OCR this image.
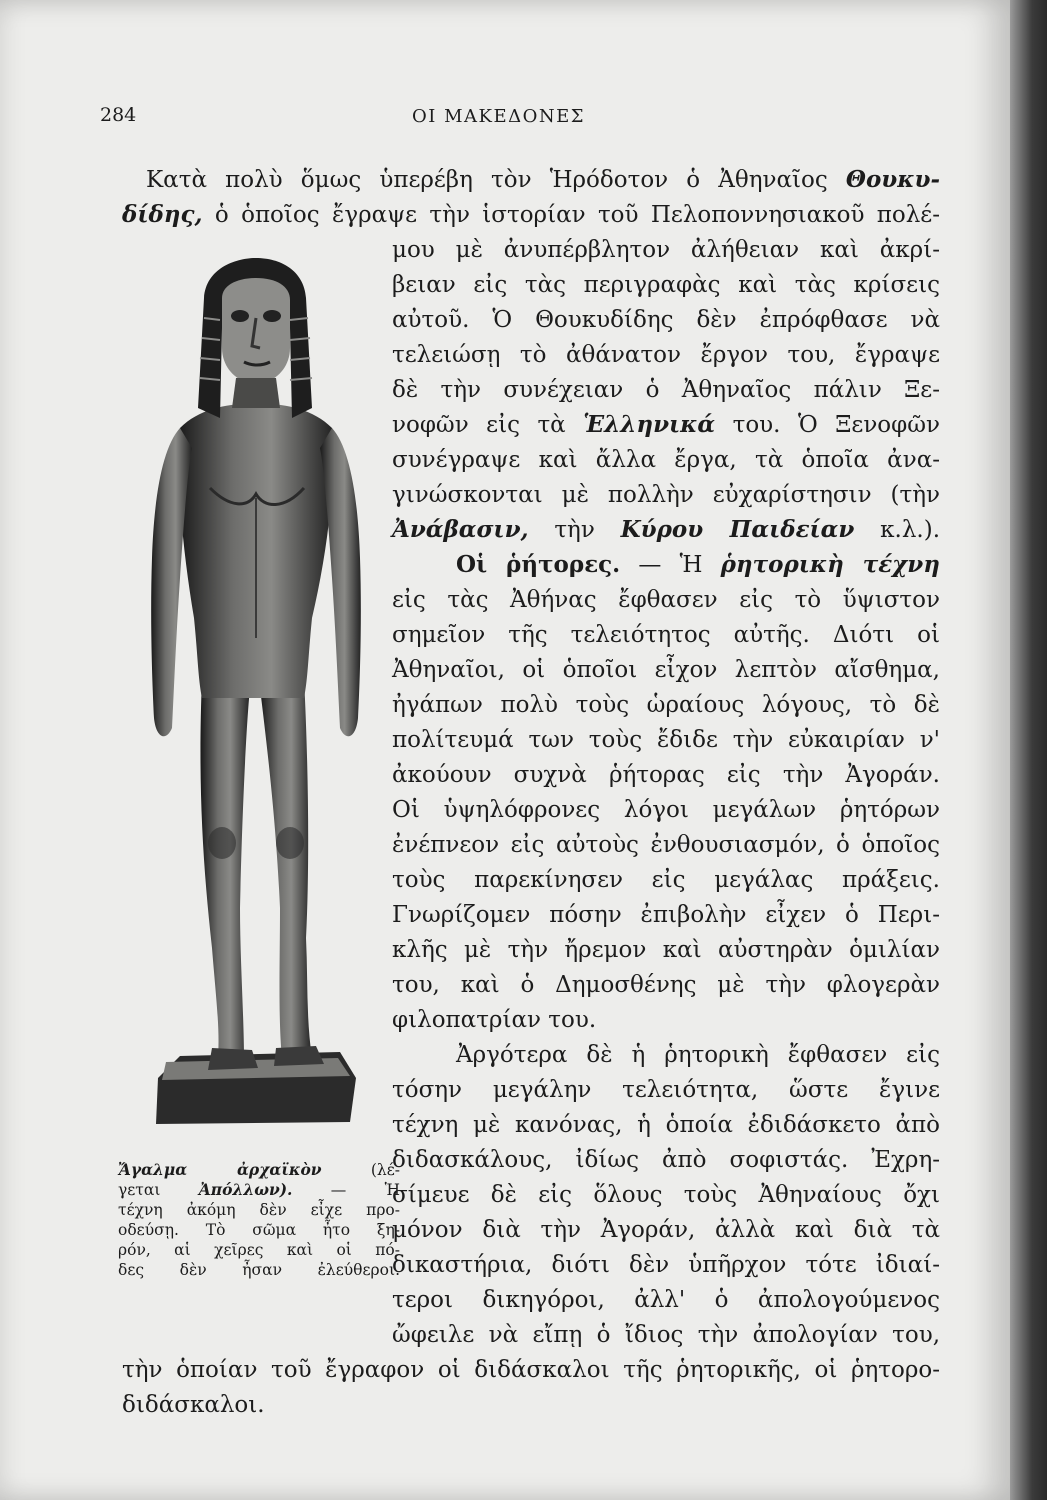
284	ΟΙ ΜΑΚΕΔΟΝΕΣ
Κατὰ πολὺ ὅμως ὑπερέβη τὸν Ἡρόδοτον ὁ Ἀθηναῖος Θουκυ-
δίδης, ὁ ὁποῖος ἔγραψε τὴν ἱστορίαν τοῦ Πελοποννησιακοῦ πολέ-
μου μὲ ἀνυπέρβλητον ἀλήθειαν καὶ ἀκρί-
βειαν εἰς τὰς περιγραφὰς καὶ τὰς κρίσεις
αὐτοῦ. Ὁ Θουκυδίδης δὲν ἐπρόφθασε νὰ
τελειώσῃ τὸ ἀθάνατον ἔργον του, ἔγραψε
δὲ τὴν συνέχειαν ὁ Ἀθηναῖος πάλιν Ξε-
νοφῶν εἰς τὰ Ἑλληνικά του. Ὁ Ξενοφῶν
συνέγραψε καὶ ἄλλα ἔργα, τὰ ὁποῖα ἀνα-
γινώσκονται μὲ πολλὴν εὐχαρίστησιν (τὴν
Ἀνάβασιν, τὴν Κύρου Παιδείαν κ.λ.).
Οἱ ῥήτορες. — Ἡ ῥητορικὴ τέχνη
εἰς τὰς Ἀθήνας ἔφθασεν εἰς τὸ ὕψιστον
σημεῖον τῆς τελειότητος αὐτῆς. Διότι οἱ
Ἀθηναῖοι, οἱ ὁποῖοι εἶχον λεπτὸν αἴσθημα,
ἠγάπων πολὺ τοὺς ὡραίους λόγους, τὸ δὲ
πολίτευμά των τοὺς ἔδιδε τὴν εὐκαιρίαν ν'
ἀκούουν συχνὰ ῥήτορας εἰς τὴν Ἀγοράν.
Οἱ ὑψηλόφρονες λόγοι μεγάλων ῥητόρων
ἐνέπνεον εἰς αὐτοὺς ἐνθουσιασμόν, ὁ ὁποῖος
τοὺς παρεκίνησεν εἰς μεγάλας πράξεις.
Γνωρίζομεν πόσην ἐπιβολὴν εἶχεν ὁ Περι-
κλῆς μὲ τὴν ἤρεμον καὶ αὐστηρὰν ὁμιλίαν
του, καὶ ὁ Δημοσθένης μὲ τὴν φλογερὰν
φιλοπατρίαν του.
Ἀργότερα δὲ ἡ ῥητορικὴ ἔφθασεν εἰς
τόσην μεγάλην τελειότητα, ὥστε ἔγινε
τέχνη μὲ κανόνας, ἡ ὁποία ἐδιδάσκετο ἀπὸ
διδασκάλους, ἰδίως ἀπὸ σοφιστάς. Ἐχρη-
σίμευε δὲ εἰς ὅλους τοὺς Ἀθηναίους ὄχι
μόνον διὰ τὴν Ἀγοράν, ἀλλὰ καὶ διὰ τὰ
δικαστήρια, διότι δὲν ὑπῆρχον τότε ἰδιαί-
τεροι δικηγόροι, ἀλλ' ὁ ἀπολογούμενος
ὤφειλε νὰ εἴπῃ ὁ ἴδιος τὴν ἀπολογίαν του,
τὴν ὁποίαν τοῦ ἔγραφον οἱ διδάσκαλοι τῆς ῥητορικῆς, οἱ ῥητορο-
διδάσκαλοι.
Ἄγαλμα ἀρχαϊκὸν (λέ-
γεται Ἀπόλλων). — Ἡ
τέχνη ἀκόμη δὲν εἶχε προ-
οδεύσῃ. Τὸ σῶμα ἦτο ξη-
ρόν, αἱ χεῖρες καὶ οἱ πό-
δες δὲν ἦσαν ἐλεύθεροι.
